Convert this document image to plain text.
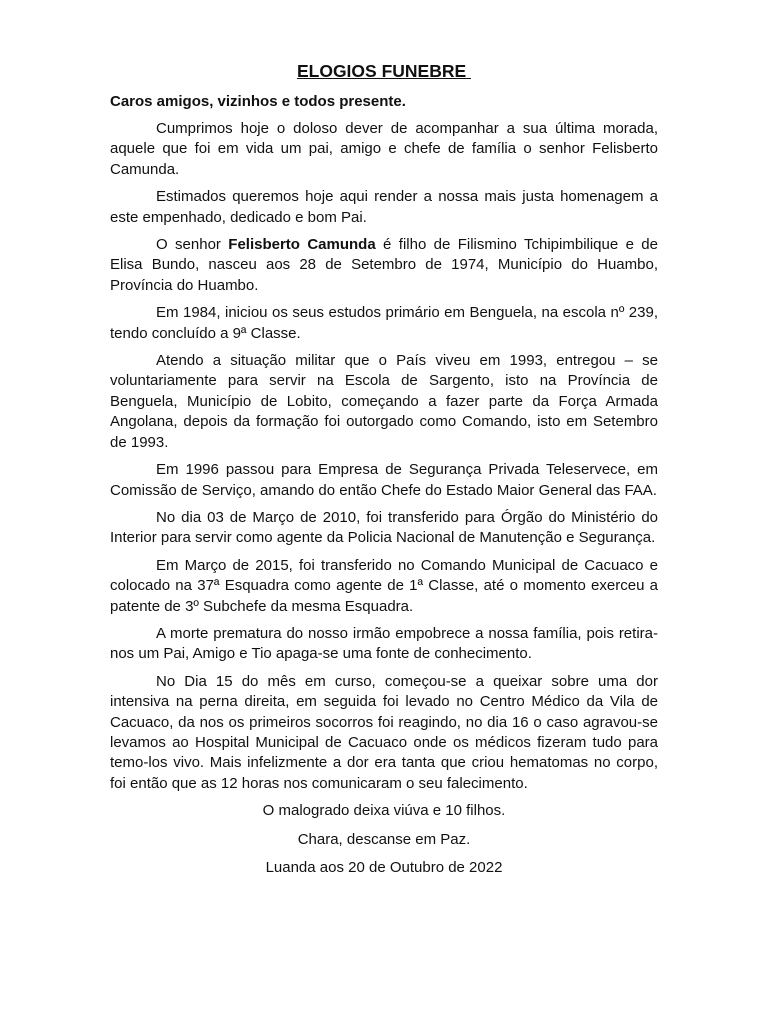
ELOGIOS FUNEBRE
Caros amigos, vizinhos e todos presente.

Cumprimos hoje o doloso dever de acompanhar a sua última morada, aquele que foi em vida um pai, amigo e chefe de família o senhor Felisberto Camunda.

Estimados queremos hoje aqui render a nossa mais justa homenagem a este empenhado, dedicado e bom Pai.

O senhor Felisberto Camunda é filho de Filismino Tchipimbilique e de Elisa Bundo, nasceu aos 28 de Setembro de 1974, Município do Huambo, Província do Huambo.

Em 1984, iniciou os seus estudos primário em Benguela, na escola nº 239, tendo concluído a 9ª Classe.

Atendo a situação militar que o País viveu em 1993, entregou – se voluntariamente para servir na Escola de Sargento, isto na Província de Benguela, Município de Lobito, começando a fazer parte da Força Armada Angolana, depois da formação foi outorgado como Comando, isto em Setembro de 1993.

Em 1996 passou para Empresa de Segurança Privada Teleservece, em Comissão de Serviço, amando do então Chefe do Estado Maior General das FAA.

No dia 03 de Março de 2010, foi transferido para Órgão do Ministério do Interior para servir como agente da Policia Nacional de Manutenção e Segurança.

Em Março de 2015, foi transferido no Comando Municipal de Cacuaco e colocado na 37ª Esquadra como agente de 1ª Classe, até o momento exerceu a patente de 3º Subchefe da mesma Esquadra.

A morte prematura do nosso irmão empobrece a nossa família, pois retira-nos um Pai, Amigo e Tio apaga-se uma fonte de conhecimento.

No Dia 15 do mês em curso, começou-se a queixar sobre uma dor intensiva na perna direita, em seguida foi levado no Centro Médico da Vila de Cacuaco, da nos os primeiros socorros foi reagindo, no dia 16 o caso agravou-se levamos ao Hospital Municipal de Cacuaco onde os médicos fizeram tudo para temo-los vivo. Mais infelizmente a dor era tanta que criou hematomas no corpo, foi então que as 12 horas nos comunicaram o seu falecimento.

O malogrado deixa viúva e 10 filhos.

Chara, descanse em Paz.

Luanda aos 20 de Outubro de 2022
